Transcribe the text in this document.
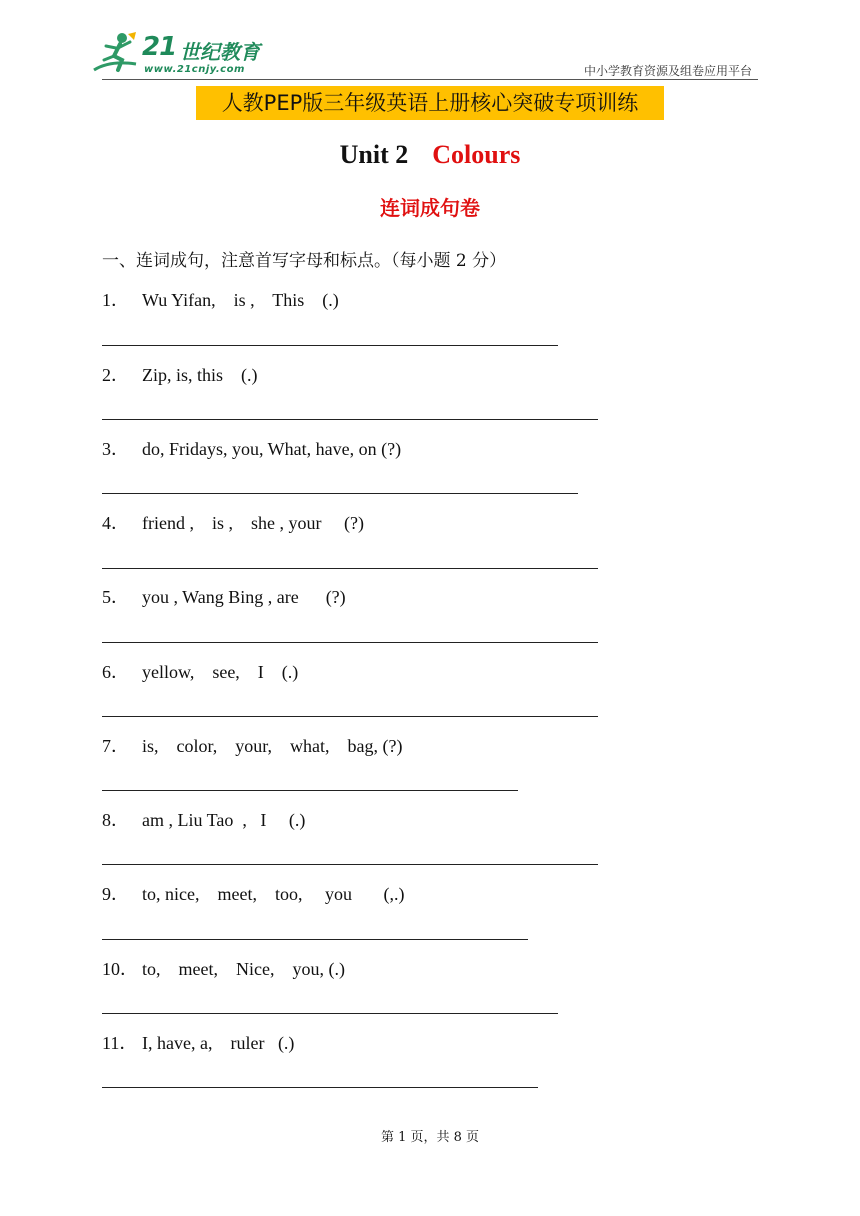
21 世纪教育
www.21cnjy.com	中小学教育资源及组卷应用平台
人教PEP版三年级英语上册核心突破专项训练
Unit 2 Colours
连词成句卷
一、连词成句，注意首写字母和标点。（每小题 2 分）
1． Wu Yifan,    is ,    This    (.)
2． Zip, is, this    (.)
3． do, Fridays, you, What, have, on (?)
4． friend ,    is ,    she , your     (?)
5． you , Wang Bing , are      (?)
6． yellow,    see,    I    (.)
7． is,    color,    your,    what,    bag, (?)
8． am , Liu Tao  ,   I     (.)
9． to, nice,    meet,    too,     you       (,.)
10． to,    meet,    Nice,    you, (.)
11． I, have, a,    ruler   (.)
第 1 页，共 8 页
